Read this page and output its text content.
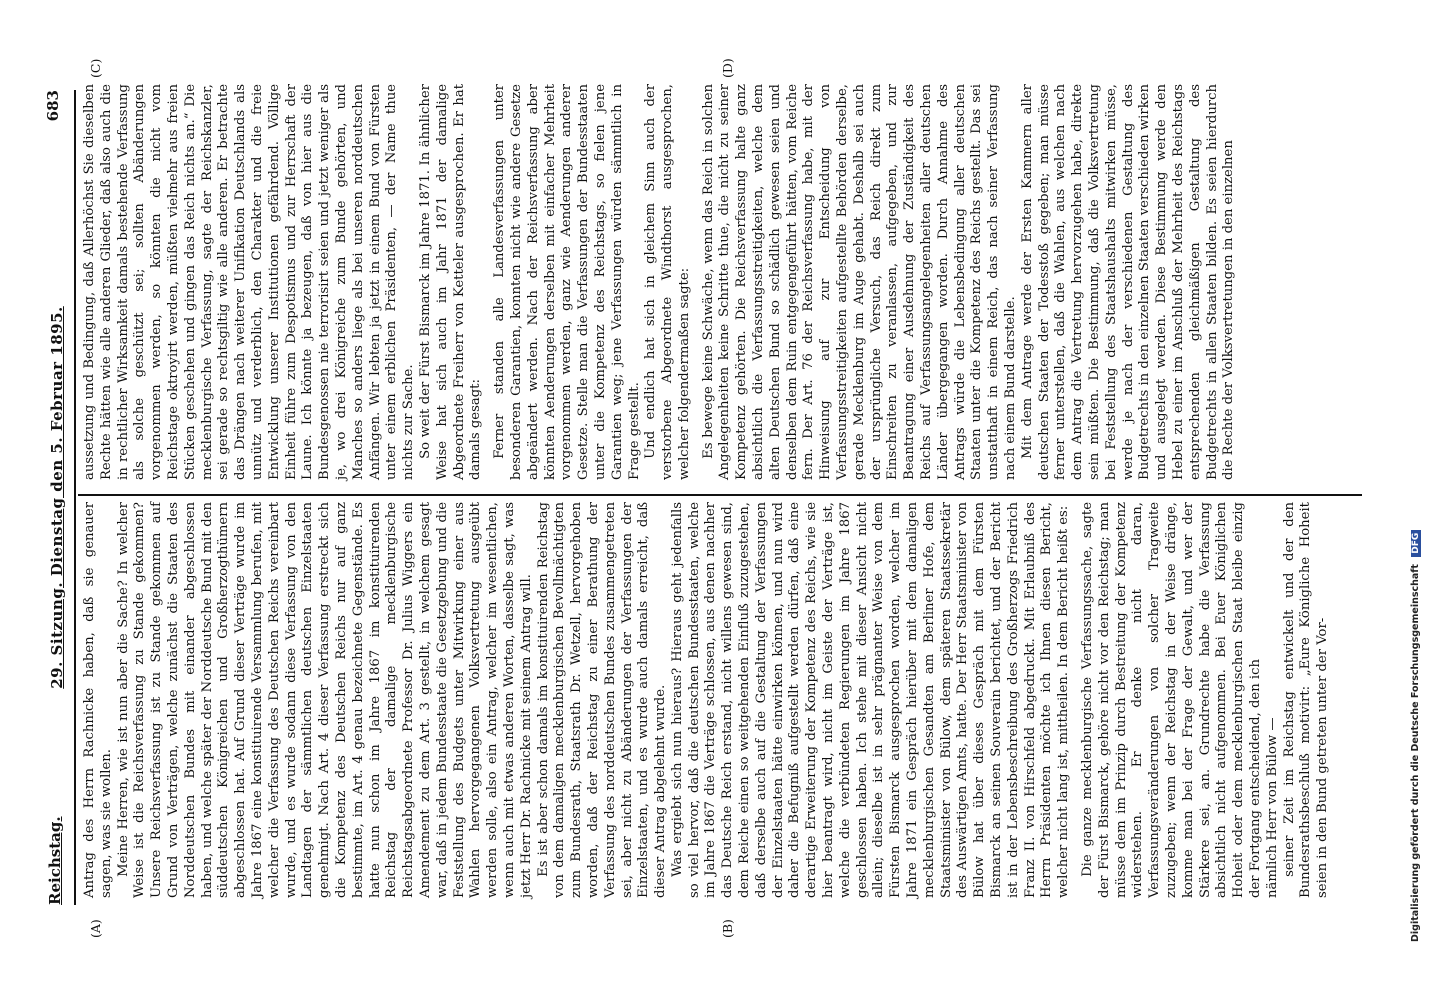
Reichstag.
29. Sitzung. Dienstag den 5. Februar 1895.
683
(A)	(B)
(C)	(D)

Antrag des Herrn Rachnicke haben, daß sie genauer sagen, was sie wollen. Meine Herren, wie ist nun aber die Sache? In welcher Weise ist die Reichsverfassung zu Stande gekommen? Unsere Reichsverfassung ist zu Stande gekommen auf Grund von Verträgen, welche zunächst die Staaten des Norddeutschen Bundes mit einander abgeschlossen haben, und welche später der Norddeutsche Bund mit den süddeutschen Königreichen und Großherzogthümern abgeschlossen hat. Auf Grund dieser Verträge wurde im Jahre 1867 eine konstituirende Versammlung berufen, mit welcher die Verfassung des Deutschen Reichs vereinbart wurde, und es wurde sodann diese Verfassung von den Landtagen der sämmtlichen deutschen Einzelstaaten genehmigt. Nach Art. 4 dieser Verfassung erstreckt sich die Kompetenz des Deutschen Reichs nur auf ganz bestimmte, im Art. 4 genau bezeichnete Gegenstände. Es hatte nun schon im Jahre 1867 im konstituirenden Reichstag der damalige mecklenburgische Reichstagsabgeordnete Professor Dr. Julius Wiggers ein Amendement zu dem Art. 3 gestellt, in welchem gesagt war, daß in jedem Bundesstaate die Gesetzgebung und die Feststellung des Budgets unter Mitwirkung einer aus Wahlen hervorgegangenen Volksvertretung ausgeübt werden solle, also ein Antrag, welcher im wesentlichen, wenn auch mit etwas anderen Worten, dasselbe sagt, was jetzt Herr Dr. Rachnicke mit seinem Antrag will. Es ist aber schon damals im konstituirenden Reichstag von dem damaligen mecklenburgischen Bevollmächtigten zum Bundesrath, Staatsrath Dr. Wetzell, hervorgehoben worden, daß der Reichstag zu einer Berathung der Verfassung des norddeutschen Bundes zusammengetreten sei, aber nicht zu Abänderungen der Verfassungen der Einzelstaaten, und es wurde auch damals erreicht, daß dieser Antrag abgelehnt wurde. Was ergiebt sich nun hieraus? Hieraus geht jedenfalls so viel hervor, daß die deutschen Bundesstaaten, welche im Jahre 1867 die Verträge schlossen, aus denen nachher das Deutsche Reich erstand, nicht willens gewesen sind, dem Reiche einen so weitgehenden Einfluß zuzugestehen, daß derselbe auch auf die Gestaltung der Verfassungen der Einzelstaaten hätte einwirken können, und nun wird daher die Befugniß aufgestellt werden dürfen, daß eine derartige Erweiterung der Kompetenz des Reichs, wie sie hier beantragt wird, nicht im Geiste der Verträge ist, welche die verbündeten Regierungen im Jahre 1867 geschlossen haben. Ich stehe mit dieser Ansicht nicht allein; dieselbe ist in sehr prägnanter Weise von dem Fürsten Bismarck ausgesprochen worden, welcher im Jahre 1871 ein Gespräch hierüber mit dem damaligen mecklenburgischen Gesandten am Berliner Hofe, dem Staatsminister von Bülow, dem späteren Staatssekretär des Auswärtigen Amts, hatte. Der Herr Staatsminister von Bülow hat über dieses Gespräch mit dem Fürsten Bismarck an seinen Souverain berichtet, und der Bericht ist in der Lebensbeschreibung des Großherzogs Friedrich Franz II. von Hirschfeld abgedruckt. Mit Erlaubniß des Herrn Präsidenten möchte ich Ihnen diesen Bericht, welcher nicht lang ist, mittheilen. In dem Bericht heißt es: Die ganze mecklenburgische Verfassungssache, sagte der Fürst Bismarck, gehöre nicht vor den Reichstag; man müsse dem im Prinzip durch Bestreitung der Kompetenz widerstehen. Er denke nicht daran, Verfassungsveränderungen von solcher Tragweite zuzugeben; wenn der Reichstag in der Weise dränge, komme man bei der Frage der Gewalt, und wer der Stärkere sei, an. Grundrechte habe die Verfassung absichtlich nicht aufgenommen. Bei Euer Königlichen Hoheit oder dem mecklenburgischen Staat bleibe einzig der Fortgang entscheidend, den ich nämlich Herr von Bülow — seiner Zeit im Reichstag entwickelt und der den Bundesrathsbeschluß motivirt: „Eure Königliche Hoheit seien in den Bund getreten unter der Vor-

aussetzung und Bedingung, daß Allerhöchst Sie dieselben Rechte hätten wie alle anderen Glieder, daß also auch die in rechtlicher Wirksamkeit damals bestehende Verfassung als solche geschützt sei; sollten Abänderungen vorgenommen werden, so könnten die nicht vom Reichstage oktroyirt werden, müßten vielmehr aus freien Stücken geschehen und gingen das Reich nichts an.“ Die mecklenburgische Verfassung, sagte der Reichskanzler, sei gerade so rechtsgiltig wie alle anderen. Er betrachte das Drängen nach weiterer Unifikation Deutschlands als unnütz und verderblich, den Charakter und die freie Entwicklung unserer Institutionen gefährdend. Völlige Einheit führe zum Despotismus und zur Herrschaft der Laune. Ich könnte ja bezeugen, daß von hier aus die Bundesgenossen nie terrorisirt seien und jetzt weniger als je, wo drei Königreiche zum Bunde gehörten, und Manches so anders liege als bei unseren norddeutschen Anfängen. Wir lebten ja jetzt in einem Bund von Fürsten unter einem erblichen Präsidenten, — der Name thue nichts zur Sache. So weit der Fürst Bismarck im Jahre 1871. In ähnlicher Weise hat sich auch im Jahr 1871 der damalige Abgeordnete Freiherr von Ketteler ausgesprochen. Er hat damals gesagt: Ferner standen alle Landesverfassungen unter besonderen Garantien, konnten nicht wie andere Gesetze abgeändert werden. Nach der Reichsverfassung aber könnten Aenderungen derselben mit einfacher Mehrheit vorgenommen werden, ganz wie Aenderungen anderer Gesetze. Stelle man die Verfassungen der Bundesstaaten unter die Kompetenz des Reichstags, so fielen jene Garantien weg; jene Verfassungen würden sämmtlich in Frage gestellt. Und endlich hat sich in gleichem Sinn auch der verstorbene Abgeordnete Windthorst ausgesprochen, welcher folgendermaßen sagte: Es bewege keine Schwäche, wenn das Reich in solchen Angelegenheiten keine Schritte thue, die nicht zu seiner Kompetenz gehörten. Die Reichsverfassung halte ganz absichtlich die Verfassungsstreitigkeiten, welche dem alten Deutschen Bund so schädlich gewesen seien und denselben dem Ruin entgegengeführt hätten, vom Reiche fern. Der Art. 76 der Reichsverfassung habe, mit der Hinweisung auf zur Entscheidung von Verfassungsstreitigkeiten aufgestellte Behörden derselbe, gerade Mecklenburg im Auge gehabt. Deshalb sei auch der ursprüngliche Versuch, das Reich direkt zum Einschreiten zu veranlassen, aufgegeben, und zur Beantragung einer Ausdehnung der Zuständigkeit des Reichs auf Verfassungsangelegenheiten aller deutschen Länder übergegangen worden. Durch Annahme des Antrags würde die Lebensbedingung aller deutschen Staaten unter die Kompetenz des Reichs gestellt. Das sei unstatthaft in einem Reich, das nach seiner Verfassung nach einem Bund darstelle. Mit dem Antrage werde der Ersten Kammern aller deutschen Staaten der Todesstoß gegeben; man müsse ferner unterstellen, daß die Wahlen, aus welchen nach dem Antrag die Vertretung hervorzugehen habe, direkte sein müßten. Die Bestimmung, daß die Volksvertretung bei Feststellung des Staatshaushalts mitwirken müsse, werde je nach der verschiedenen Gestaltung des Budgetrechts in den einzelnen Staaten verschieden wirken und ausgelegt werden. Diese Bestimmung werde den Hebel zu einer im Anschluß der Mehrheit des Reichstags entsprechenden gleichmäßigen Gestaltung des Budgetrechts in allen Staaten bilden. Es seien hierdurch die Rechte der Volksvertretungen in den einzelnen

Digitalisierung gefördert durch die Deutsche Forschungsgemeinschaft DFG
